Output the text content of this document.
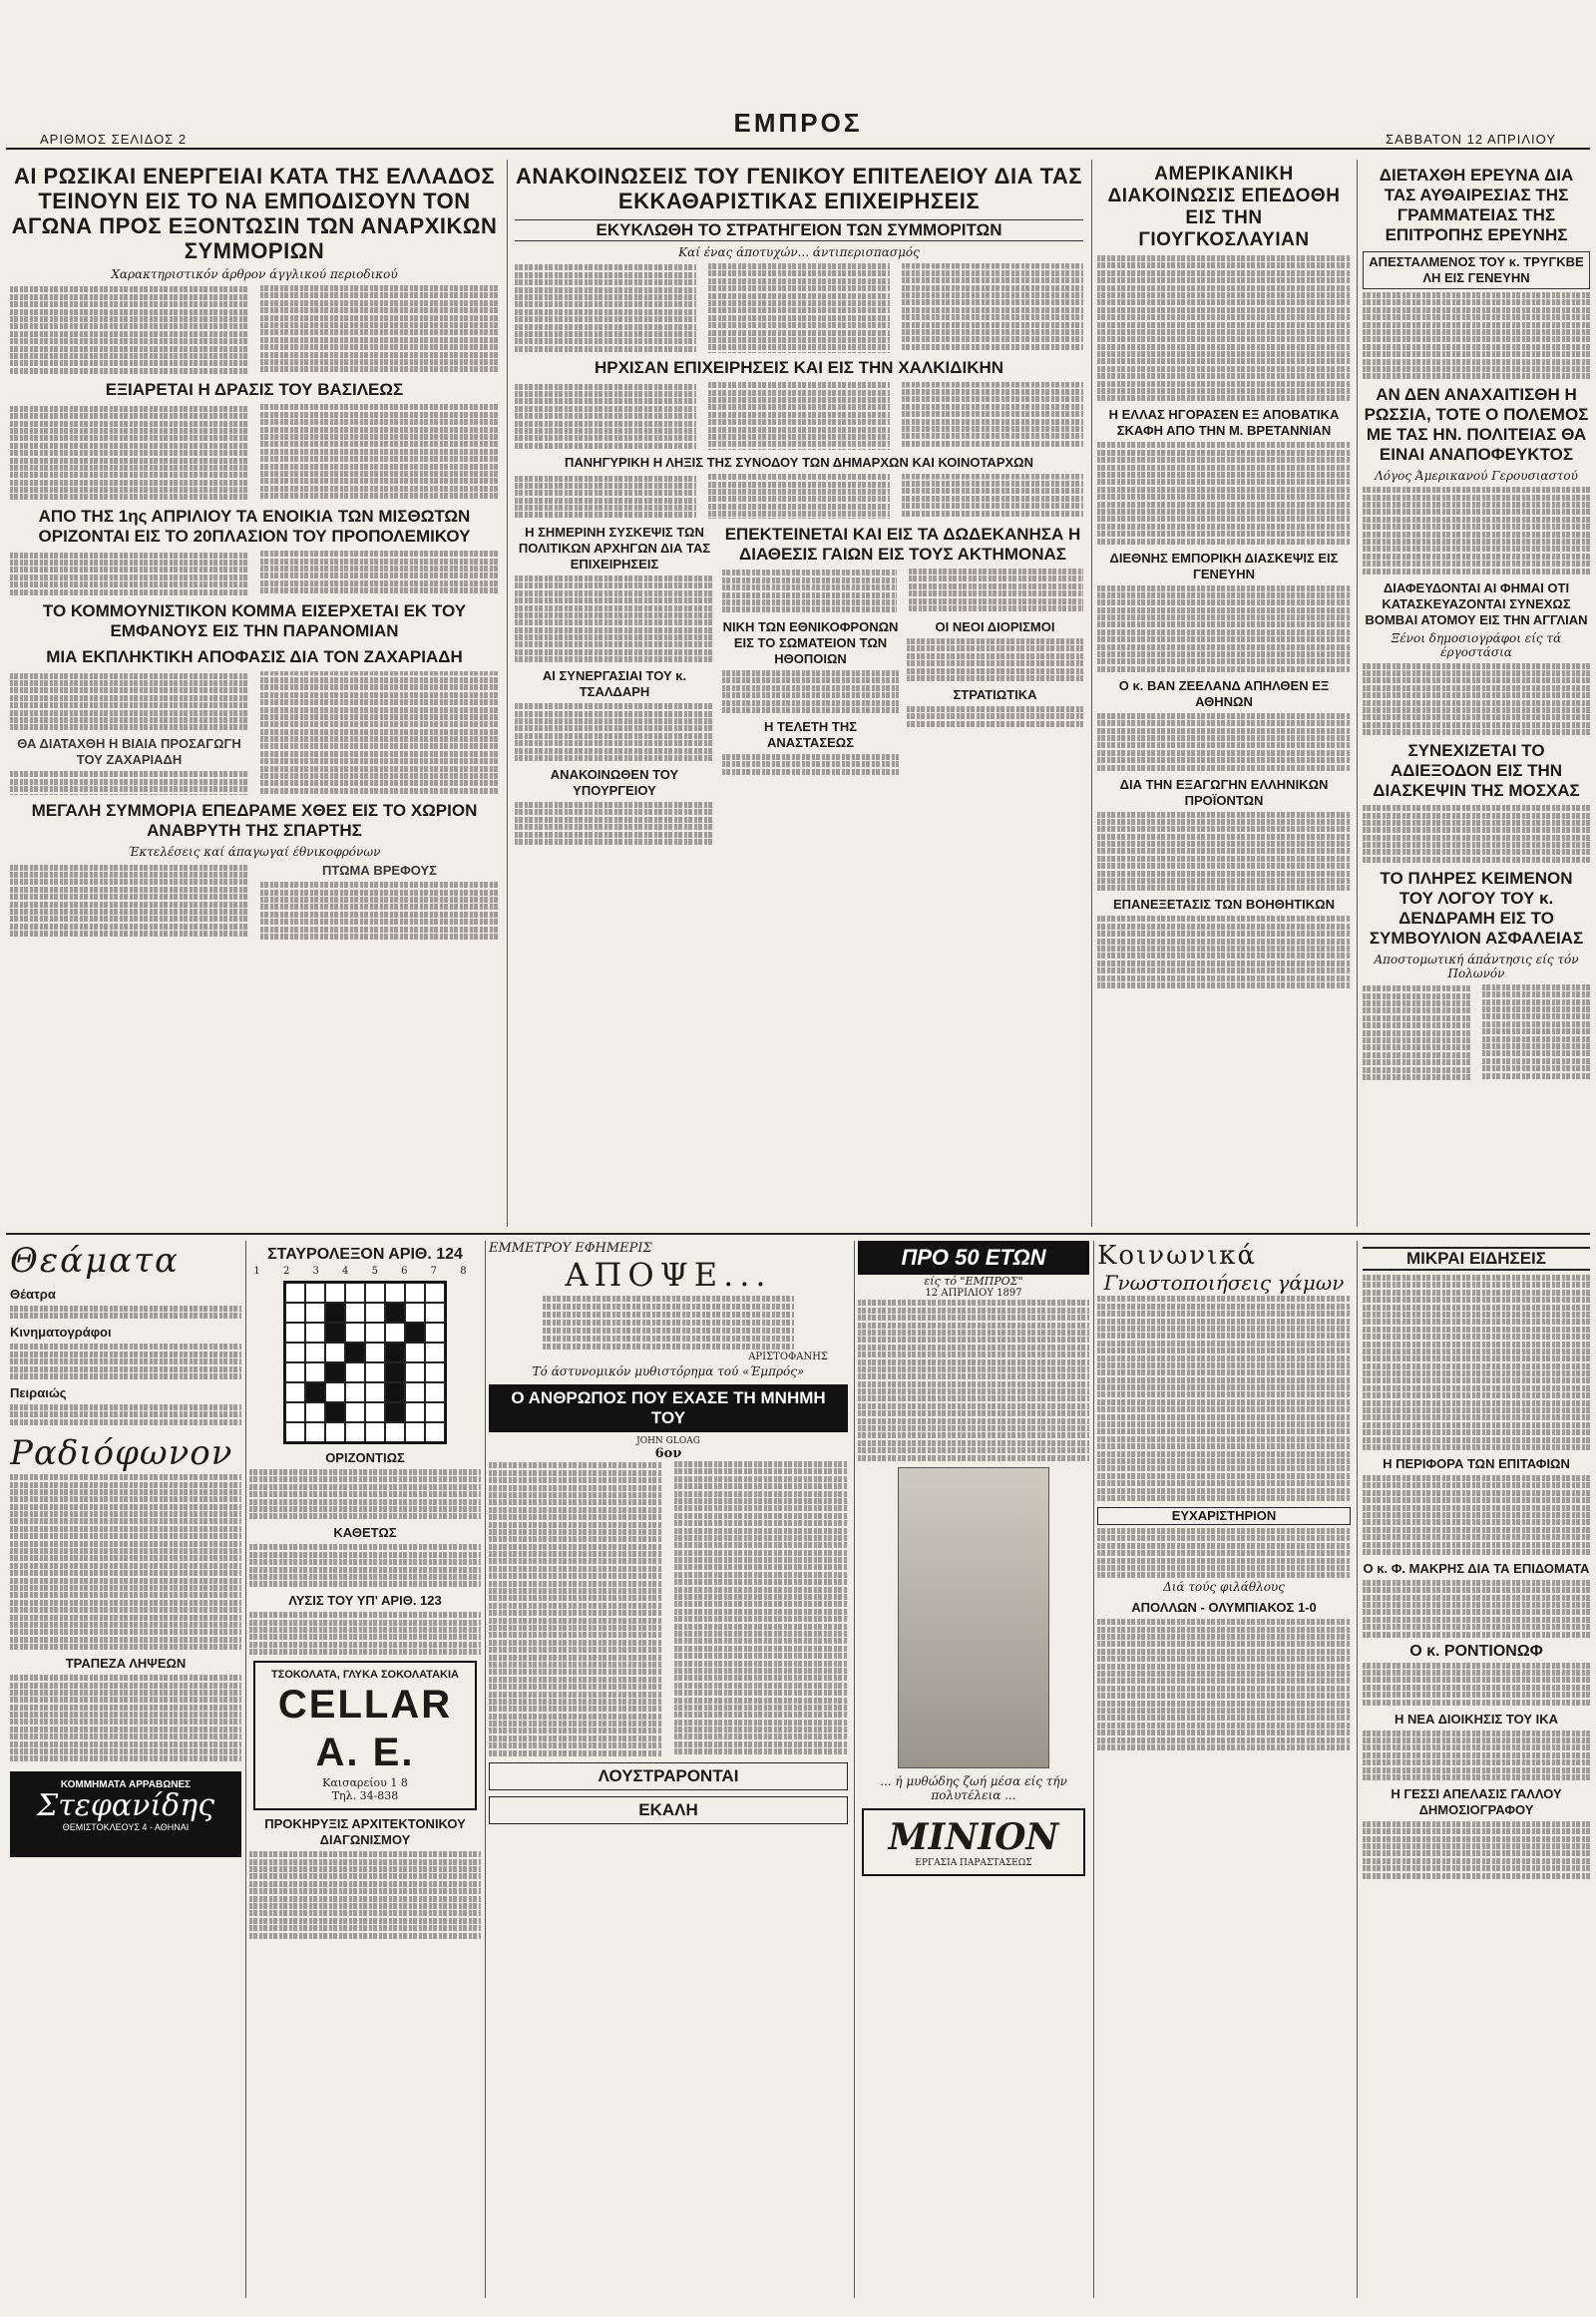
ΑΡΙΘΜΟΣ ΣΕΛΙΔΟΣ 2
ΕΜΠΡΟΣ
ΣΑΒΒΑΤΟΝ 12 ΑΠΡΙΛΙΟΥ
ΑΙ ΡΩΣΙΚΑΙ ΕΝΕΡΓΕΙΑΙ ΚΑΤΑ ΤΗΣ ΕΛΛΑΔΟΣ ΤΕΙΝΟΥΝ ΕΙΣ ΤΟ ΝΑ ΕΜΠΟΔΙΣΟΥΝ ΤΟΝ ΑΓΩΝΑ ΠΡΟΣ ΕΞΟΝΤΩΣΙΝ ΤΩΝ ΑΝΑΡΧΙΚΩΝ ΣΥΜΜΟΡΙΩΝ
Χαρακτηριστικόν άρθρον άγγλικού περιοδικού
ΕΞΙΑΡΕΤΑΙ Η ΔΡΑΣΙΣ ΤΟΥ ΒΑΣΙΛΕΩΣ
ΑΠΟ ΤΗΣ 1ης ΑΠΡΙΛΙΟΥ ΤΑ ΕΝΟΙΚΙΑ ΤΩΝ ΜΙΣΘΩΤΩΝ ΟΡΙΖΟΝΤΑΙ ΕΙΣ ΤΟ 20ΠΛΑΣΙΟΝ ΤΟΥ ΠΡΟΠΟΛΕΜΙΚΟΥ
ΤΟ ΚΟΜΜΟΥΝΙΣΤΙΚΟΝ ΚΟΜΜΑ ΕΙΣΕΡΧΕΤΑΙ ΕΚ ΤΟΥ ΕΜΦΑΝΟΥΣ ΕΙΣ ΤΗΝ ΠΑΡΑΝΟΜΙΑΝ
ΜΙΑ ΕΚΠΛΗΚΤΙΚΗ ΑΠΟΦΑΣΙΣ ΔΙΑ ΤΟΝ ΖΑΧΑΡΙΑΔΗ
ΘΑ ΔΙΑΤΑΧΘΗ Η ΒΙΑΙΑ ΠΡΟΣΑΓΩΓΗ ΤΟΥ ΖΑΧΑΡΙΑΔΗ
ΜΕΓΑΛΗ ΣΥΜΜΟΡΙΑ ΕΠΕΔΡΑΜΕ ΧΘΕΣ ΕΙΣ ΤΟ ΧΩΡΙΟΝ ΑΝΑΒΡΥΤΗ ΤΗΣ ΣΠΑΡΤΗΣ
Έκτελέσεις καί άπαγωγαί έθνικοφρόνων
ΠΤΩΜΑ ΒΡΕΦΟΥΣ
ΑΝΑΚΟΙΝΩΣΕΙΣ ΤΟΥ ΓΕΝΙΚΟΥ ΕΠΙΤΕΛΕΙΟΥ ΔΙΑ ΤΑΣ ΕΚΚΑΘΑΡΙΣΤΙΚΑΣ ΕΠΙΧΕΙΡΗΣΕΙΣ
ΕΚΥΚΛΩΘΗ ΤΟ ΣΤΡΑΤΗΓΕΙΟΝ ΤΩΝ ΣΥΜΜΟΡΙΤΩΝ
Καί ένας άποτυχών... άντιπερισπασμός
ΗΡΧΙΣΑΝ ΕΠΙΧΕΙΡΗΣΕΙΣ ΚΑΙ ΕΙΣ ΤΗΝ ΧΑΛΚΙΔΙΚΗΝ
ΠΑΝΗΓΥΡΙΚΗ Η ΛΗΞΙΣ ΤΗΣ ΣΥΝΟΔΟΥ ΤΩΝ ΔΗΜΑΡΧΩΝ ΚΑΙ ΚΟΙΝΟΤΑΡΧΩΝ
Η ΣΗΜΕΡΙΝΗ ΣΥΣΚΕΨΙΣ ΤΩΝ ΠΟΛΙΤΙΚΩΝ ΑΡΧΗΓΩΝ ΔΙΑ ΤΑΣ ΕΠΙΧΕΙΡΗΣΕΙΣ
ΑΙ ΣΥΝΕΡΓΑΣΙΑΙ ΤΟΥ κ. ΤΣΑΛΔΑΡΗ
ΑΝΑΚΟΙΝΩΘΕΝ ΤΟΥ ΥΠΟΥΡΓΕΙΟΥ
ΕΠΕΚΤΕΙΝΕΤΑΙ ΚΑΙ ΕΙΣ ΤΑ ΔΩΔΕΚΑΝΗΣΑ Η ΔΙΑΘΕΣΙΣ ΓΑΙΩΝ ΕΙΣ ΤΟΥΣ ΑΚΤΗΜΟΝΑΣ
ΝΙΚΗ ΤΩΝ ΕΘΝΙΚΟΦΡΟΝΩΝ ΕΙΣ ΤΟ ΣΩΜΑΤΕΙΟΝ ΤΩΝ ΗΘΟΠΟΙΩΝ
Η ΤΕΛΕΤΗ ΤΗΣ ΑΝΑΣΤΑΣΕΩΣ
ΟΙ ΝΕΟΙ ΔΙΟΡΙΣΜΟΙ
ΣΤΡΑΤΙΩΤΙΚΑ
ΑΜΕΡΙΚΑΝΙΚΗ ΔΙΑΚΟΙΝΩΣΙΣ ΕΠΕΔΟΘΗ ΕΙΣ ΤΗΝ ΓΙΟΥΓΚΟΣΛΑΥΙΑΝ
Η ΕΛΛΑΣ ΗΓΟΡΑΣΕΝ ΕΞ ΑΠΟΒΑΤΙΚΑ ΣΚΑΦΗ ΑΠΟ ΤΗΝ Μ. ΒΡΕΤΑΝΝΙΑΝ
ΔΙΕΘΝΗΣ ΕΜΠΟΡΙΚΗ ΔΙΑΣΚΕΨΙΣ ΕΙΣ ΓΕΝΕΥΗΝ
Ο κ. ΒΑΝ ΖΕΕΛΑΝΔ ΑΠΗΛΘΕΝ ΕΞ ΑΘΗΝΩΝ
ΔΙΑ ΤΗΝ ΕΞΑΓΩΓΗΝ ΕΛΛΗΝΙΚΩΝ ΠΡΟΪΟΝΤΩΝ
ΕΠΑΝΕΞΕΤΑΣΙΣ ΤΩΝ ΒΟΗΘΗΤΙΚΩΝ
ΔΙΕΤΑΧΘΗ ΕΡΕΥΝΑ ΔΙΑ ΤΑΣ ΑΥΘΑΙΡΕΣΙΑΣ ΤΗΣ ΓΡΑΜΜΑΤΕΙΑΣ ΤΗΣ ΕΠΙΤΡΟΠΗΣ ΕΡΕΥΝΗΣ
ΑΠΕΣΤΑΛΜΕΝΟΣ ΤΟΥ κ. ΤΡΥΓΚΒΕ ΛΗ ΕΙΣ ΓΕΝΕΥΗΝ
ΑΝ ΔΕΝ ΑΝΑΧΑΙΤΙΣΘΗ Η ΡΩΣΣΙΑ, ΤΟΤΕ Ο ΠΟΛΕΜΟΣ ΜΕ ΤΑΣ ΗΝ. ΠΟΛΙΤΕΙΑΣ ΘΑ ΕΙΝΑΙ ΑΝΑΠΟΦΕΥΚΤΟΣ
Λόγος Άμερικανού Γερουσιαστού
ΔΙΑΦΕΥΔΟΝΤΑΙ ΑΙ ΦΗΜΑΙ ΟΤΙ ΚΑΤΑΣΚΕΥΑΖΟΝΤΑΙ ΣΥΝΕΧΩΣ ΒΟΜΒΑΙ ΑΤΟΜΟΥ ΕΙΣ ΤΗΝ ΑΓΓΛΙΑΝ
Ξένοι δημοσιογράφοι είς τά έργοστάσια
ΣΥΝΕΧΙΖΕΤΑΙ ΤΟ ΑΔΙΕΞΟΔΟΝ ΕΙΣ ΤΗΝ ΔΙΑΣΚΕΨΙΝ ΤΗΣ ΜΟΣΧΑΣ
ΤΟ ΠΛΗΡΕΣ ΚΕΙΜΕΝΟΝ ΤΟΥ ΛΟΓΟΥ ΤΟΥ κ. ΔΕΝΔΡΑΜΗ ΕΙΣ ΤΟ ΣΥΜΒΟΥΛΙΟΝ ΑΣΦΑΛΕΙΑΣ
Αποστομωτική άπάντησις είς τόν Πολωνόν
Θεάματα
Θέατρα
Κινηματογράφοι
Πειραιώς
Ραδιόφωνον
ΤΡΑΠΕΖΑ ΛΗΨΕΩΝ
ΚΟΜΜΗΜΑΤΑ ΑΡΡΑΒΩΝΕΣ
Στεφανίδης
ΘΕΜΙΣΤΟΚΛΕΟΥΣ 4 - ΑΘΗΝΑΙ
ΣΤΑΥΡΟΛΕΞΟΝ ΑΡΙΘ. 124
1 2 3 4 5 6 7 8
ΟΡΙΖΟΝΤΙΩΣ
ΚΑΘΕΤΩΣ
ΛΥΣΙΣ ΤΟΥ ΥΠ' ΑΡΙΘ. 123
ΤΣΟΚΟΛΑΤΑ, ΓΛΥΚΑ ΣΟΚΟΛΑΤΑΚΙΑ
CELLAR A. E.
Καισαρείου 1 8
Τηλ. 34-838
ΠΡΟΚΗΡΥΞΙΣ ΑΡΧΙΤΕΚΤΟΝΙΚΟΥ ΔΙΑΓΩΝΙΣΜΟΥ
ΕΜΜΕΤΡΟΥ ΕΦΗΜΕΡΙΣ
ΑΠΟΨΕ...
ΑΡΙΣΤΟΦΑΝΗΣ
Τό άστυνομικόν μυθιστόρημα τού «Έμπρός»
Ο ΑΝΘΡΩΠΟΣ ΠΟΥ ΕΧΑΣΕ ΤΗ ΜΝΗΜΗ ΤΟΥ
JOHN GLOAG
6ον
ΛΟΥΣΤΡΑΡΟΝΤΑΙ
ΕΚΑΛΗ
ΠΡΟ 50 ΕΤΩΝ
είς τό "ΕΜΠΡΟΣ"
12 ΑΠΡΙΛΙΟΥ 1897
... ή μυθώδης ζωή μέσα είς τήν πολυτέλεια ...
ΜΙΝΙΟΝ
ΕΡΓΑΣΙΑ ΠΑΡΑΣΤΑΣΕΩΣ
Κοινωνικά
Γνωστοποιήσεις γάμων
ΕΥΧΑΡΙΣΤΗΡΙΟΝ
Διά τούς φιλάθλους
ΑΠΟΛΛΩΝ - ΟΛΥΜΠΙΑΚΟΣ 1-0
ΜΙΚΡΑΙ ΕΙΔΗΣΕΙΣ
Η ΠΕΡΙΦΟΡΑ ΤΩΝ ΕΠΙΤΑΦΙΩΝ
Ο κ. Φ. ΜΑΚΡΗΣ ΔΙΑ ΤΑ ΕΠΙΔΟΜΑΤΑ
Ο κ. ΡΟΝΤΙΟΝΩΦ
Η ΝΕΑ ΔΙΟΙΚΗΣΙΣ ΤΟΥ ΙΚΑ
Η ΓΕΣΣΙ ΑΠΕΛΑΣΙΣ ΓΑΛΛΟΥ ΔΗΜΟΣΙΟΓΡΑΦΟΥ
